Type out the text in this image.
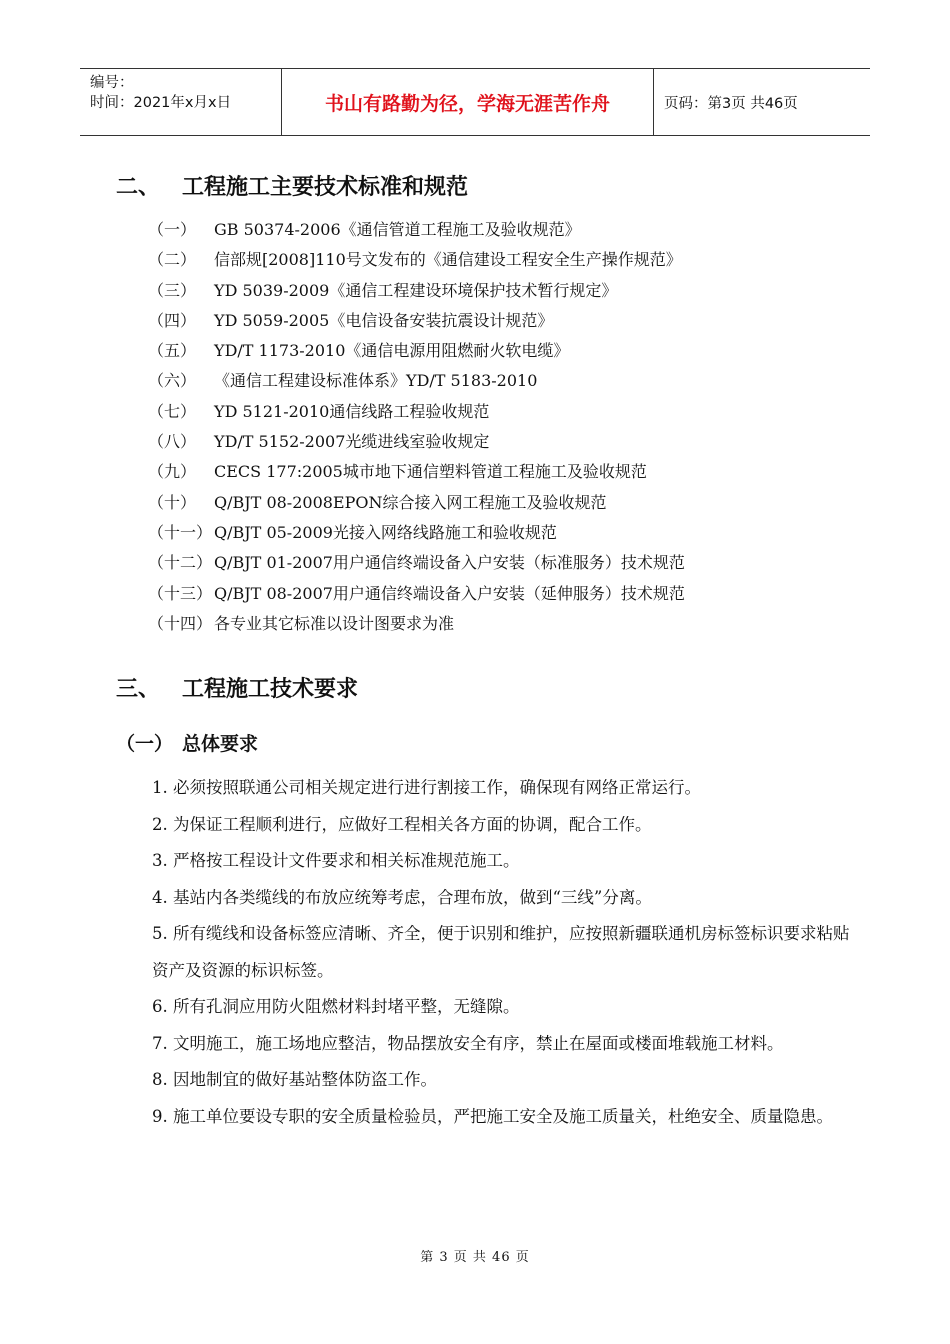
编号：
时间：2021年x月x日	书山有路勤为径，学海无涯苦作舟	页码：第3页 共46页
二、 工程施工主要技术标准和规范
（一）	GB 50374-2006《通信管道工程施工及验收规范》
（二）	信部规[2008]110号文发布的《通信建设工程安全生产操作规范》
（三）	YD 5039-2009《通信工程建设环境保护技术暂行规定》
（四）	YD 5059-2005《电信设备安装抗震设计规范》
（五）	YD/T 1173-2010《通信电源用阻燃耐火软电缆》
（六）	《通信工程建设标准体系》YD/T 5183-2010
（七）	YD 5121-2010通信线路工程验收规范
（八）	YD/T 5152-2007光缆进线室验收规定
（九）	CECS 177:2005城市地下通信塑料管道工程施工及验收规范
（十）	Q/BJT 08-2008EPON综合接入网工程施工及验收规范
（十一） Q/BJT 05-2009光接入网络线路施工和验收规范
（十二） Q/BJT 01-2007用户通信终端设备入户安装（标准服务）技术规范
（十三） Q/BJT 08-2007用户通信终端设备入户安装（延伸服务）技术规范
（十四） 各专业其它标准以设计图要求为准
三、 工程施工技术要求
（一） 总体要求
1. 必须按照联通公司相关规定进行进行割接工作，确保现有网络正常运行。
2. 为保证工程顺利进行，应做好工程相关各方面的协调，配合工作。
3. 严格按工程设计文件要求和相关标准规范施工。
4. 基站内各类缆线的布放应统筹考虑，合理布放，做到“三线”分离。
5. 所有缆线和设备标签应清晰、齐全，便于识别和维护，应按照新疆联通机房标签标识要求粘贴资产及资源的标识标签。
6. 所有孔洞应用防火阻燃材料封堵平整，无缝隙。
7. 文明施工，施工场地应整洁，物品摆放安全有序，禁止在屋面或楼面堆载施工材料。
8. 因地制宜的做好基站整体防盗工作。
9. 施工单位要设专职的安全质量检验员，严把施工安全及施工质量关，杜绝安全、质量隐患。
第 3 页 共 46 页
